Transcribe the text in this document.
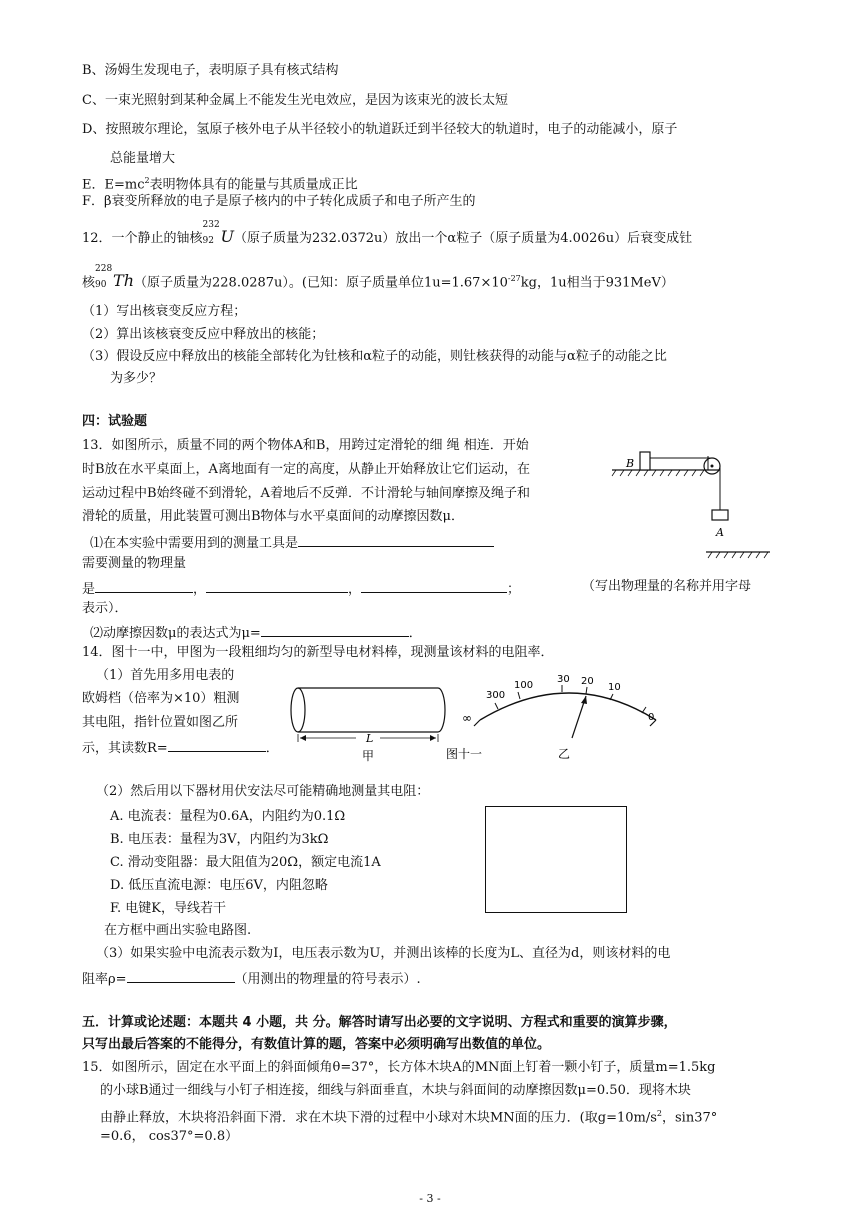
B、汤姆生发现电子，表明原子具有核式结构
C、一束光照射到某种金属上不能发生光电效应，是因为该束光的波长太短
D、按照玻尔理论，氢原子核外电子从半径较小的轨道跃迁到半径较大的轨道时，电子的动能减小，原子
总能量增大
E．$E=mc^2$表明物体具有的能量与其质量成正比
F．β衰变所释放的电子是原子核内的中子转化成质子和电子所产生的
12．一个静止的铀核
232
92 U（原子质量为232.0372u）放出一个α粒子（原子质量为4.0026u）后衰变成钍
核
228
90 Th（原子质量为228.0287u）。(已知：原子质量单位$1u=1.67\times 10^{-27}kg$，1u相当于931MeV）
（1）写出核衰变反应方程；
（2）算出该核衰变反应中释放出的核能；
（3）假设反应中释放出的核能全部转化为钍核和α粒子的动能，则钍核获得的动能与α粒子的动能之比
为多少？
四：试验题
13．如图所示，质量不同的两个物体A和B，用跨过定滑轮的细 绳 相连．开始
时B放在水平桌面上，A离地面有一定的高度，从静止开始释放让它们运动，在
运动过程中B始终碰不到滑轮，A着地后不反弹．不计滑轮与轴间摩擦及绳子和
滑轮的质量，用此装置可测出B物体与水平桌面间的动摩擦因数μ．
⑴在本实验中需要用到的测量工具是
需要测量的物理量
是	，	，	；	（写出物理量的名称并用字母
表示）．
⑵动摩擦因数μ的表达式为μ=	．
B
A
14．图十一中，甲图为一段粗细均匀的新型导电材料棒，现测量该材料的电阻率．
（1）首先用多用电表的
欧姆档（倍率为×10）粗测
其电阻，指针位置如图乙所
示，其读数R=	．
L
甲
300
100
30 20
10
0
∞
乙
图十一
（2）然后用以下器材用伏安法尽可能精确地测量其电阻：
A. 电流表：量程为0.6A，内阻约为0.1Ω
B. 电压表：量程为3V，内阻约为3kΩ
C. 滑动变阻器：最大阻值为20Ω，额定电流1A
D. 低压直流电源：电压6V，内阻忽略
F. 电键K，导线若干
在方框中画出实验电路图.
（3）如果实验中电流表示数为I，电压表示数为U，并测出该棒的长度为L、直径为d，则该材料的电
阻率ρ=	（用测出的物理量的符号表示）.
五．计算或论述题：本题共 4 小题，共 分。解答时请写出必要的文字说明、方程式和重要的演算步骤，
只写出最后答案的不能得分，有数值计算的题，答案中必须明确写出数值的单位。
15．如图所示，固定在水平面上的斜面倾角θ=37°，长方体木块A的MN面上钉着一颗小钉子，质量m=1.5kg
的小球B通过一细线与小钉子相连接，细线与斜面垂直，木块与斜面间的动摩擦因数μ=0.50．现将木块
由静止释放，木块将沿斜面下滑．求在木块下滑的过程中小球对木块MN面的压力．(取$g=10m/s^2$，sin37°
=0.6， cos37°=0.8）
- 3 -
